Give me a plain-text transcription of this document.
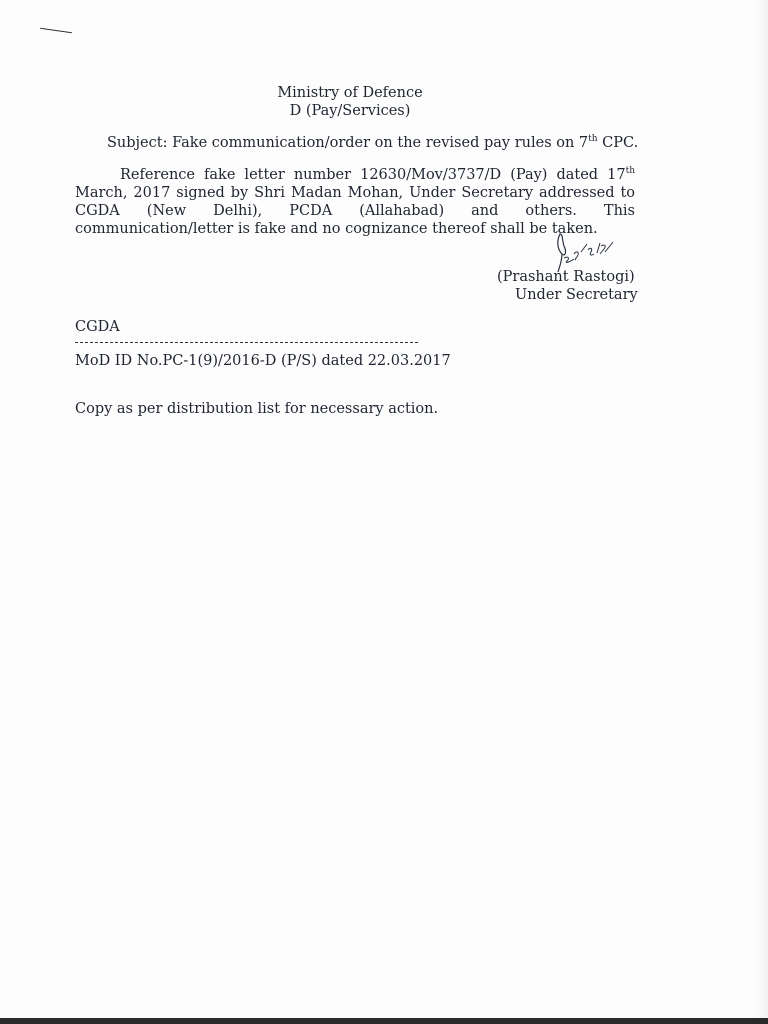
Ministry of Defence
D (Pay/Services)
Subject: Fake communication/order on the revised pay rules on 7th CPC.
Reference fake letter number 12630/Mov/3737/D (Pay) dated 17th March, 2017 signed by Shri Madan Mohan, Under Secretary addressed to CGDA (New Delhi), PCDA (Allahabad) and others. This communication/letter is fake and no cognizance thereof shall be taken.
(Prashant Rastogi)
Under Secretary
CGDA
MoD ID No.PC-1(9)/2016-D (P/S) dated 22.03.2017
Copy as per distribution list for necessary action.
